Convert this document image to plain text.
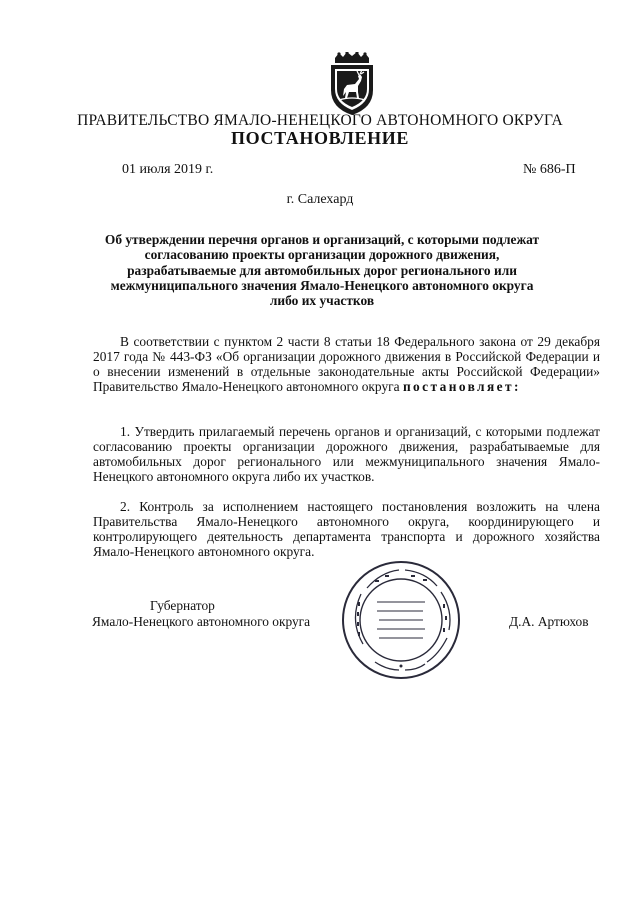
ПРАВИТЕЛЬСТВО ЯМАЛО-НЕНЕЦКОГО АВТОНОМНОГО ОКРУГА
ПОСТАНОВЛЕНИЕ
01 июля 2019 г.	№ 686-П
г. Салехард
Об утверждении перечня органов и организаций, с которыми подлежат
согласованию проекты организации дорожного движения,
разрабатываемые для автомобильных дорог регионального или
межмуниципального значения Ямало-Ненецкого автономного округа
либо их участков
В соответствии с пунктом 2 части 8 статьи 18 Федерального закона от 29 декабря 2017 года № 443-ФЗ «Об организации дорожного движения в Российской Федерации и о внесении изменений в отдельные законодательные акты Российской Федерации» Правительство Ямало-Ненецкого автономного округа постановляет:
1. Утвердить прилагаемый перечень органов и организаций, с которыми подлежат согласованию проекты организации дорожного движения, разрабатываемые для автомобильных дорог регионального или межмуниципального значения Ямало-Ненецкого автономного округа либо их участков.
2. Контроль за исполнением настоящего постановления возложить на члена Правительства Ямало-Ненецкого автономного округа, координирующего и контролирующего деятельность департамента транспорта и дорожного хозяйства Ямало-Ненецкого автономного округа.
Губернатор
Ямало-Ненецкого автономного округа	Д.А. Артюхов
